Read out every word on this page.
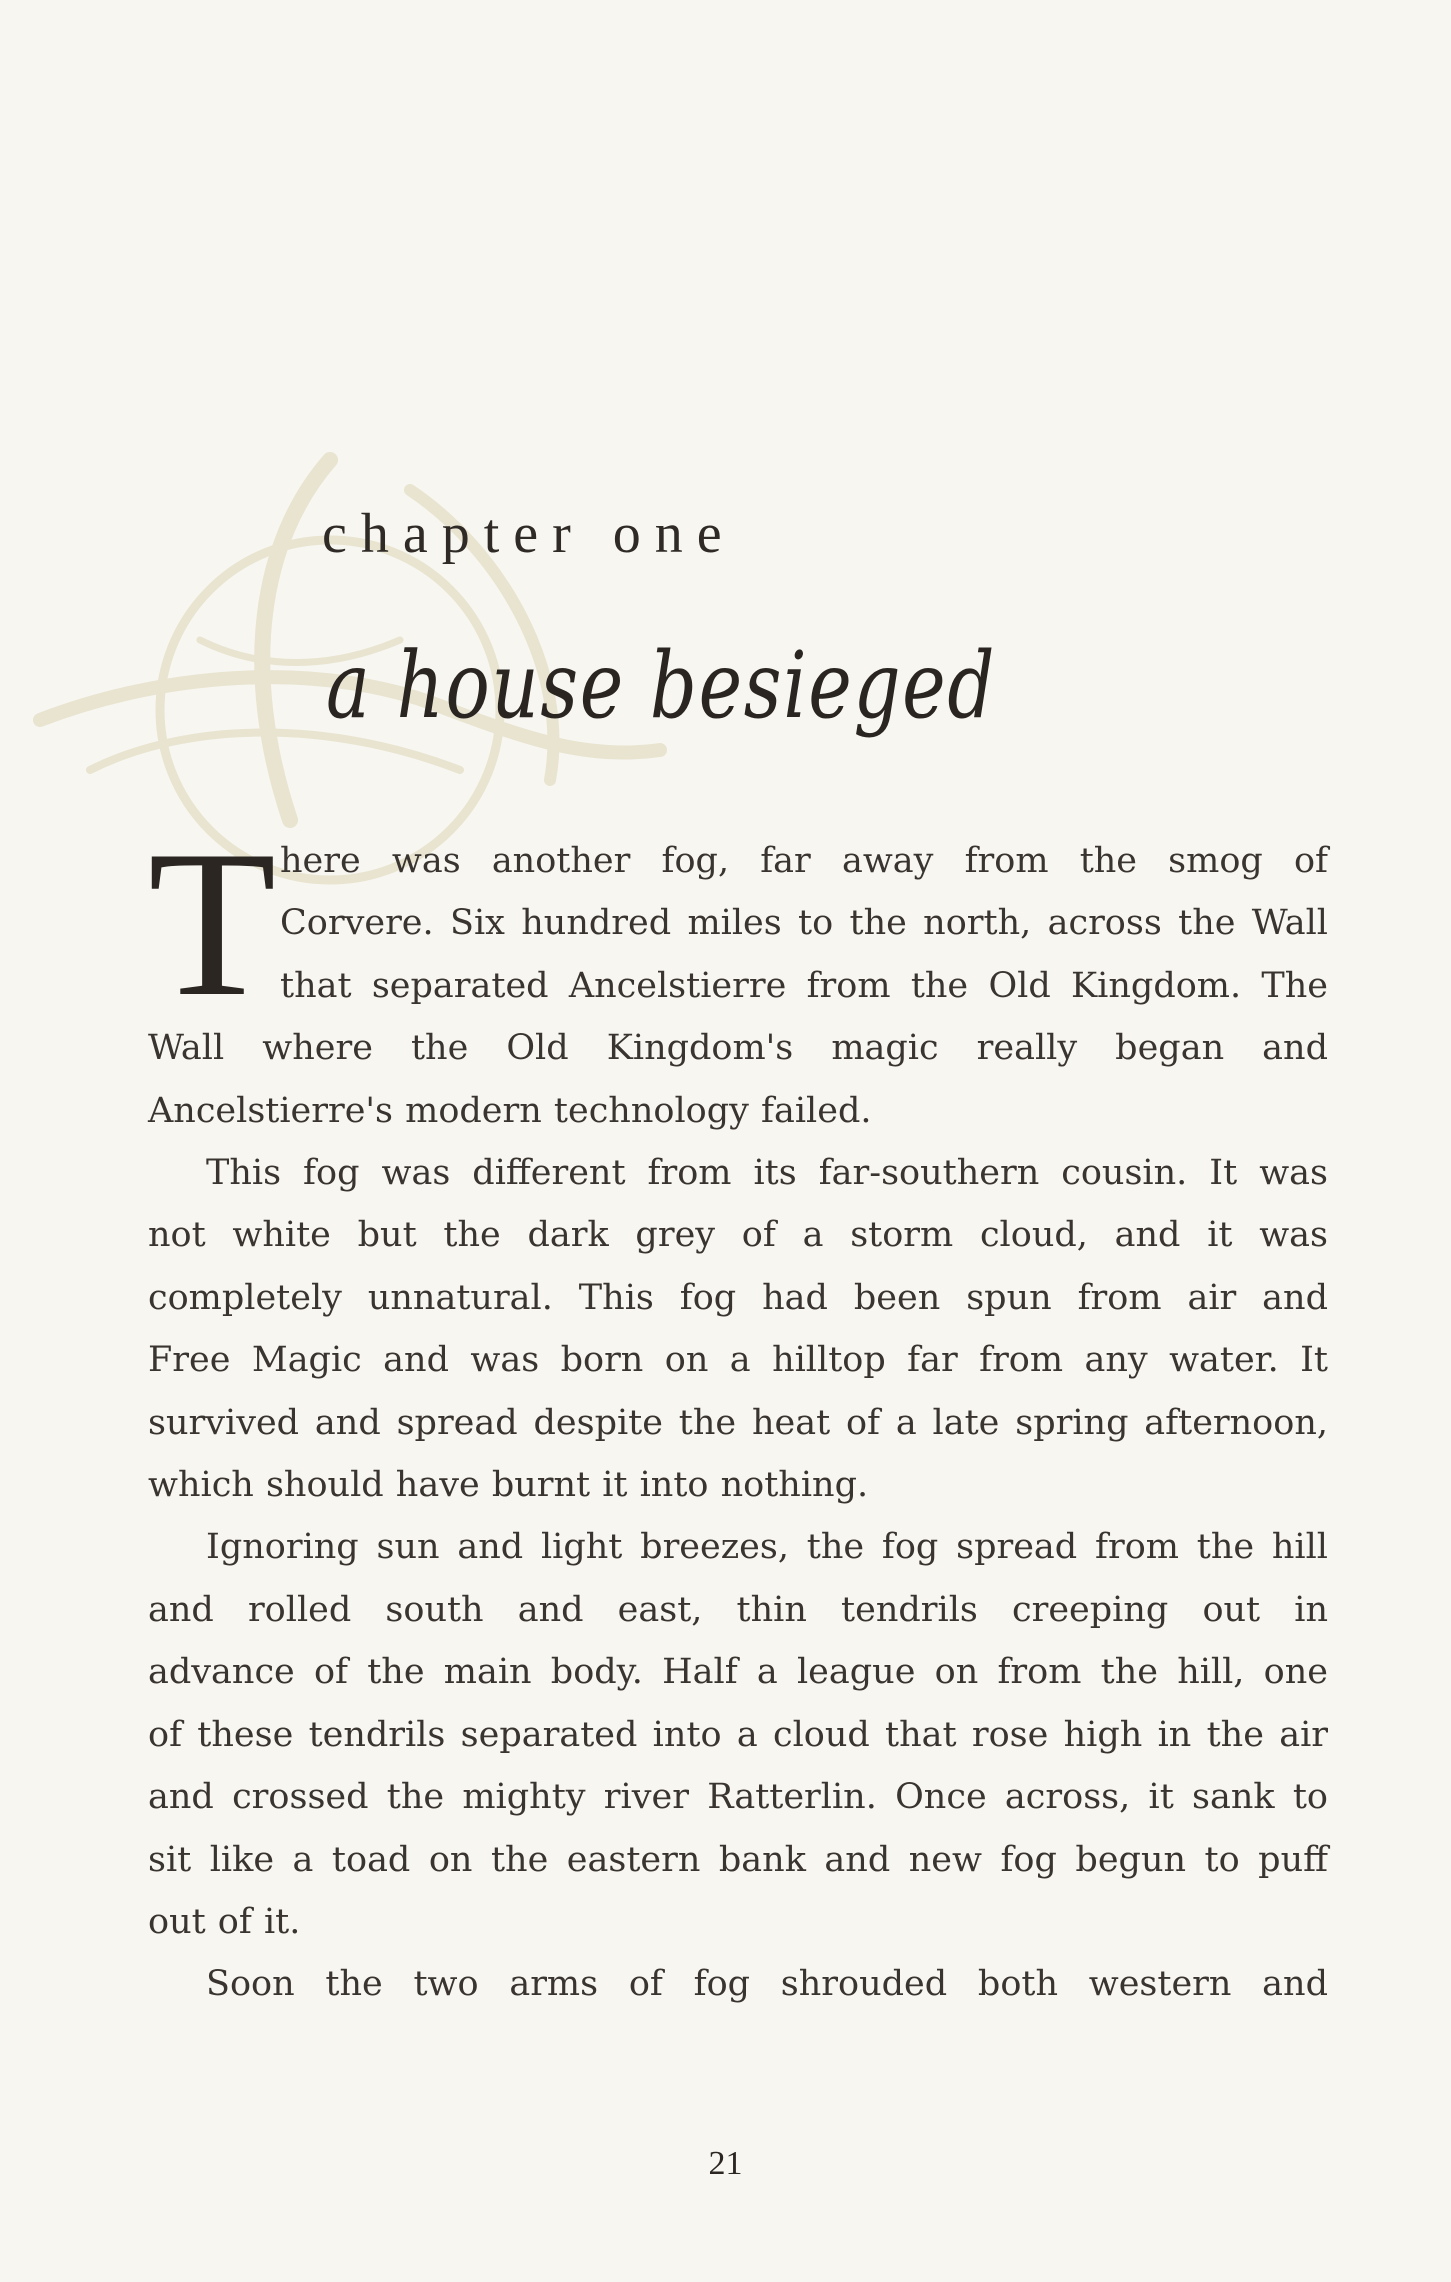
chapter one
a house besieged
T here was another fog, far away from the smog of
Corvere. Six hundred miles to the north, across the Wall
that separated Ancelstierre from the Old Kingdom. The
Wall where the Old Kingdom's magic really began and
Ancelstierre's modern technology failed.

This fog was different from its far-southern cousin. It was
not white but the dark grey of a storm cloud, and it was
completely unnatural. This fog had been spun from air and
Free Magic and was born on a hilltop far from any water. It
survived and spread despite the heat of a late spring afternoon,
which should have burnt it into nothing.

Ignoring sun and light breezes, the fog spread from the hill
and rolled south and east, thin tendrils creeping out in
advance of the main body. Half a league on from the hill, one
of these tendrils separated into a cloud that rose high in the air
and crossed the mighty river Ratterlin. Once across, it sank to
sit like a toad on the eastern bank and new fog begun to puff
out of it.

Soon the two arms of fog shrouded both western and

21
